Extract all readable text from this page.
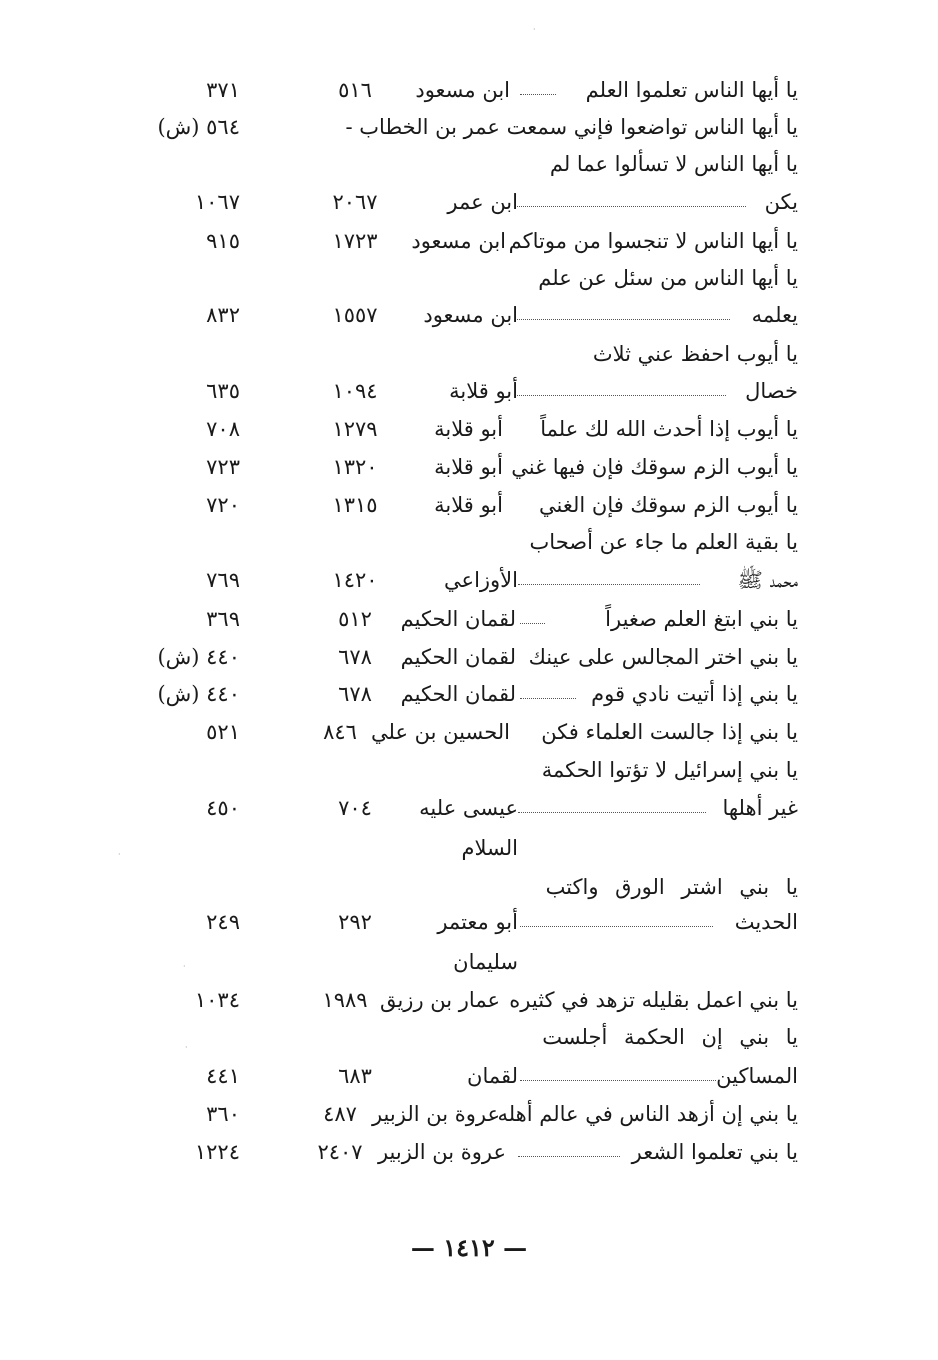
يا أيها الناس تعلموا العلم
ابن مسعود
٥١٦
٣٧١
يا أيها الناس تواضعوا فإني سمعت عمر بن الخطاب -
٥٦٤ (ش)
يا أيها الناس لا تسألوا عما لم
يكن
ابن عمر
٢٠٦٧
١٠٦٧
يا أيها الناس لا تنجسوا من موتاكم
ابن مسعود
١٧٢٣
٩١٥
يا أيها الناس من سئل عن علم
يعلمه
ابن مسعود
١٥٥٧
٨٣٢
يا أيوب احفظ عني ثلاث
خصال
أبو قلابة
١٠٩٤
٦٣٥
يا أيوب إذا أحدث الله لك علماً
أبو قلابة
١٢٧٩
٧٠٨
يا أيوب الزم سوقك فإن فيها غني
أبو قلابة
١٣٢٠
٧٢٣
يا أيوب الزم سوقك فإن الغني
أبو قلابة
١٣١٥
٧٢٠
يا بقية العلم ما جاء عن أصحاب
محمد ﷺ
الأوزاعي
١٤٢٠
٧٦٩
يا بني ابتغ العلم صغيراً
لقمان الحكيم
٥١٢
٣٦٩
يا بني اختر المجالس على عينك
لقمان الحكيم
٦٧٨
٤٤٠ (ش)
يا بني إذا أتيت نادي قوم
لقمان الحكيم
٦٧٨
٤٤٠ (ش)
يا بني إذا جالست العلماء فكن
الحسين بن علي
٨٤٦
٥٢١
يا بني إسرائيل لا تؤتوا الحكمة
غير أهلها
عيسى عليه
٧٠٤
٤٥٠
السلام
يا بني اشتر الورق واكتب
الحديث
أبو معتمر
٢٩٢
٢٤٩
سليمان
يا بني اعمل بقليله تزهد في كثيره
عمار بن رزيق
١٩٨٩
١٠٣٤
يا بني إن الحكمة أجلست
المساكين
لقمان
٦٨٣
٤٤١
يا بني إن أزهد الناس في عالم أهله
عروة بن الزبير
٤٨٧
٣٦٠
يا بني تعلموا الشعر
عروة بن الزبير
٢٤٠٧
١٢٢٤
— ١٤١٢ —
·
·
·
·
